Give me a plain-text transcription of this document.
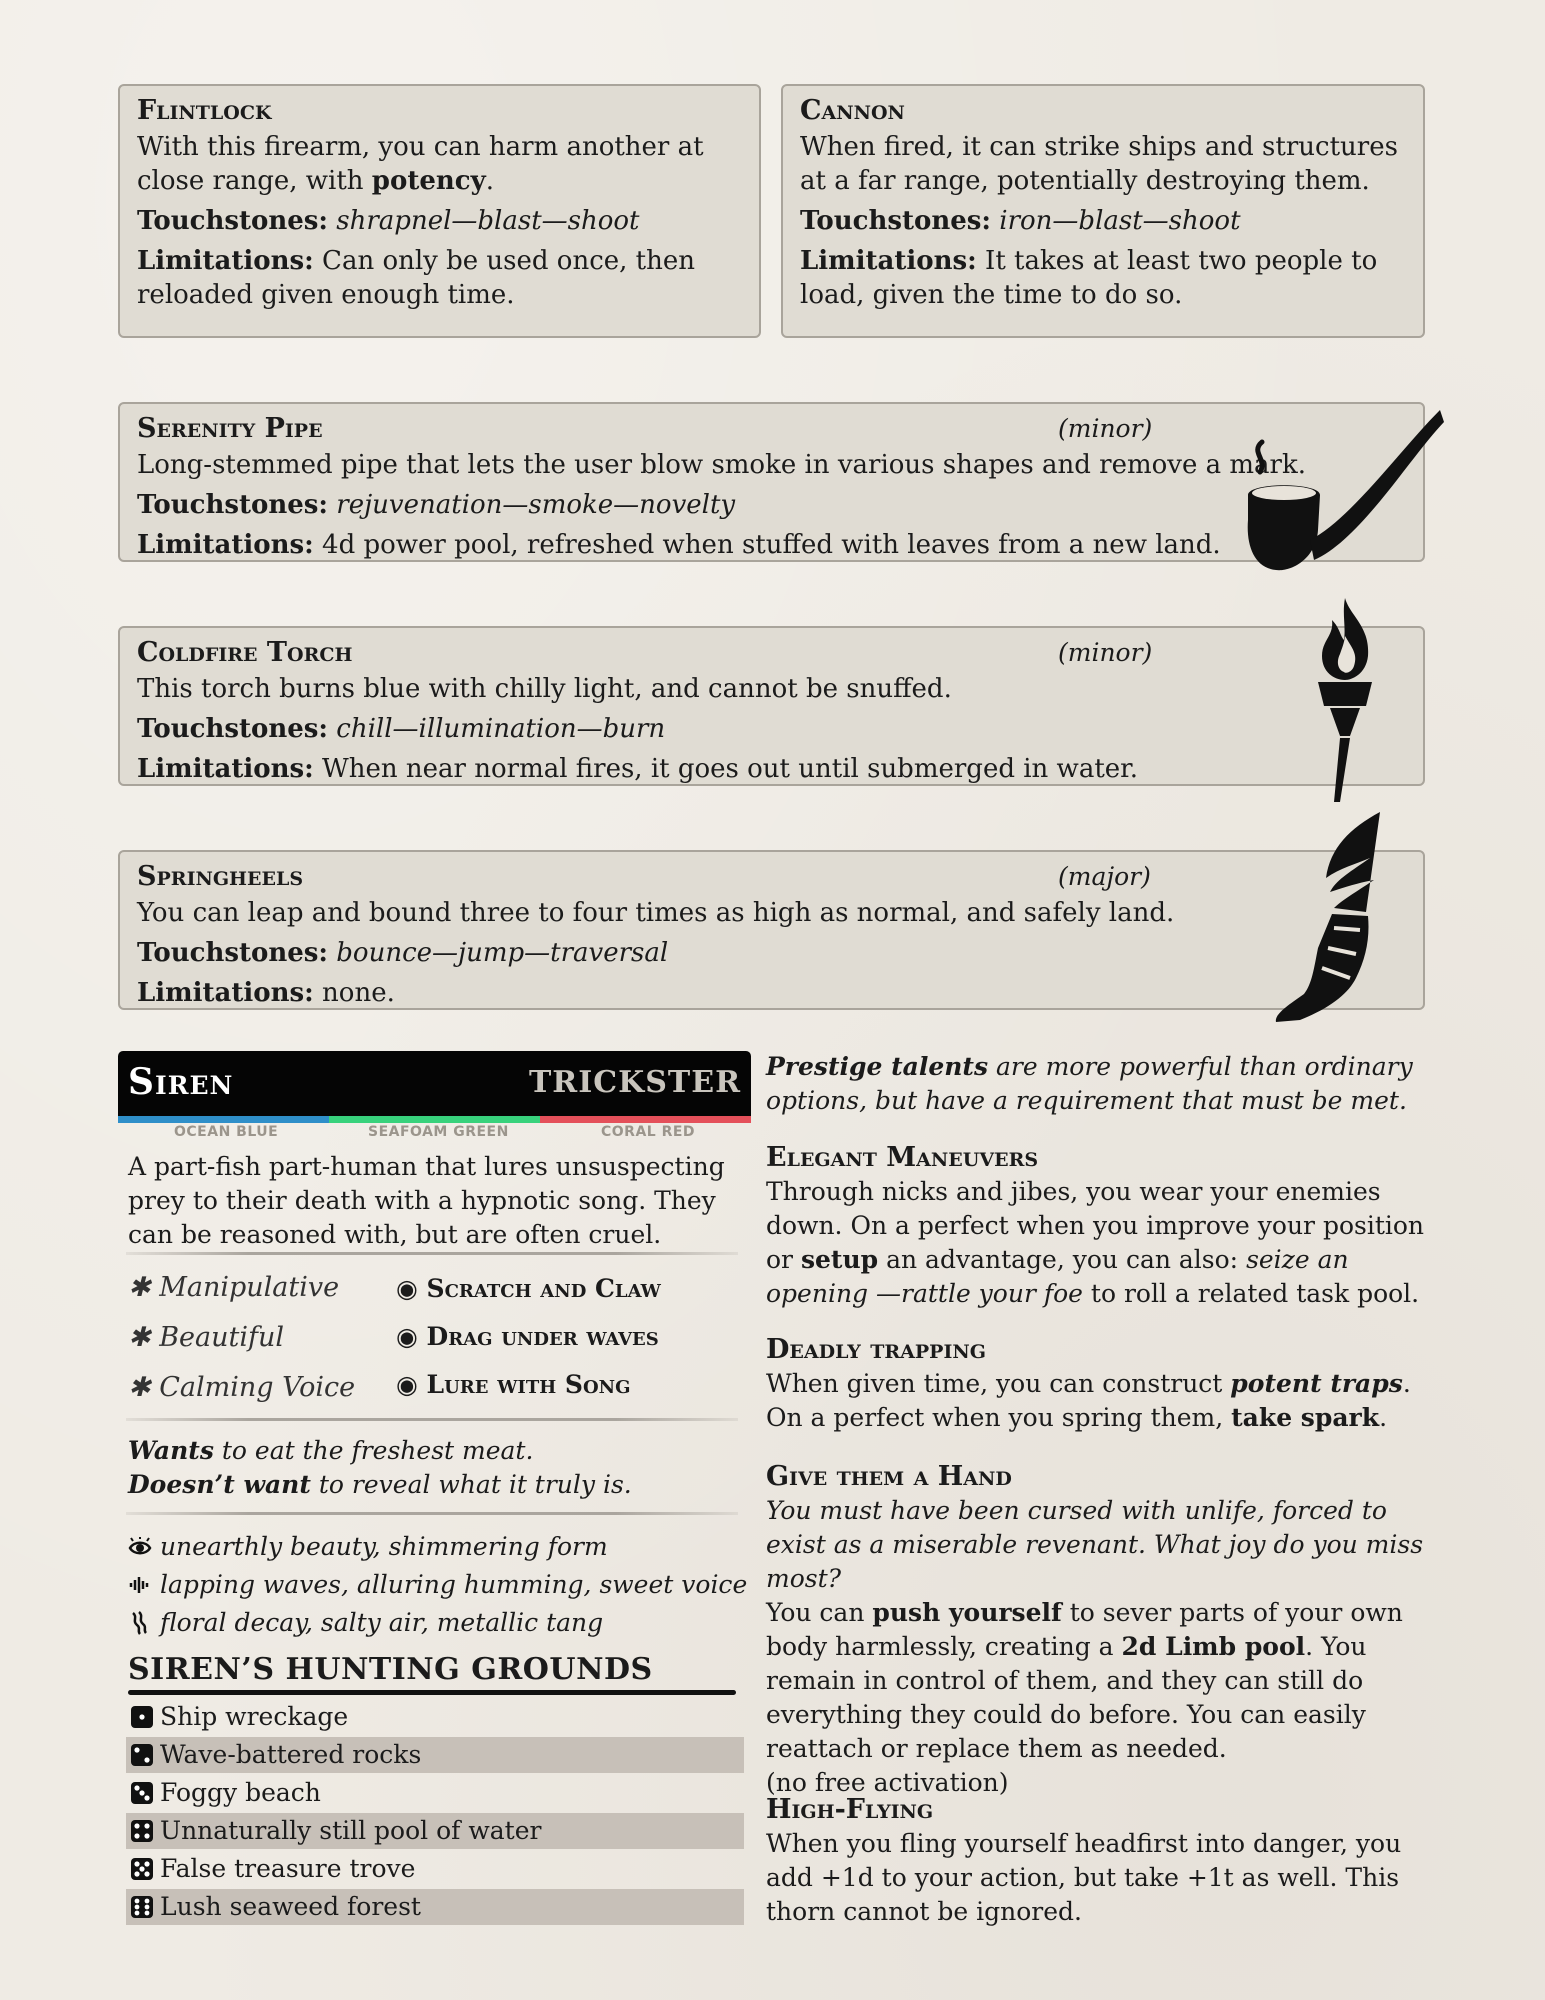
Flintlock

With this firearm, you can harm another at close range, with potency.

Touchstones: shrapnel—blast—shoot

Limitations: Can only be used once, then reloaded given enough time.

Cannon

When fired, it can strike ships and structures at a far range, potentially destroying them.

Touchstones: iron—blast—shoot

Limitations: It takes at least two people to load, given the time to do so.

Serenity Pipe	(minor)

Long-stemmed pipe that lets the user blow smoke in various shapes and remove a mark.

Touchstones: rejuvenation—smoke—novelty

Limitations: 4d power pool, refreshed when stuffed with leaves from a new land.

Coldfire Torch	(minor)

This torch burns blue with chilly light, and cannot be snuffed.

Touchstones: chill—illumination—burn

Limitations: When near normal fires, it goes out until submerged in water.

Springheels	(major)

You can leap and bound three to four times as high as normal, and safely land.

Touchstones: bounce—jump—traversal

Limitations: none.

Siren	TRICKSTER
OCEAN BLUE	SEAFOAM GREEN	CORAL RED
A part-fish part-human that lures unsuspecting prey to their death with a hypnotic song. They can be reasoned with, but are often cruel.
✱ Manipulative
✱ Beautiful
✱ Calming Voice
◉ Scratch and Claw
◉ Drag under waves
◉ Lure with Song
Wants to eat the freshest meat.
Doesn’t want to reveal what it truly is.
unearthly beauty, shimmering form
lapping waves, alluring humming, sweet voice
floral decay, salty air, metallic tang
SIREN’S HUNTING GROUNDS
Ship wreckage
Wave-battered rocks
Foggy beach
Unnaturally still pool of water
False treasure trove
Lush seaweed forest
Prestige talents are more powerful than ordinary options, but have a requirement that must be met.
Elegant Maneuvers
Through nicks and jibes, you wear your enemies down. On a perfect when you improve your position or setup an advantage, you can also: seize an opening —rattle your foe to roll a related task pool.
Deadly trapping
When given time, you can construct potent traps. On a perfect when you spring them, take spark.
Give them a Hand
You must have been cursed with unlife, forced to exist as a miserable revenant. What joy do you miss most?
You can push yourself to sever parts of your own body harmlessly, creating a 2d Limb pool. You remain in control of them, and they can still do everything they could do before. You can easily reattach or replace them as needed.
(no free activation)
High-Flying
When you fling yourself headfirst into danger, you add +1d to your action, but take +1t as well. This thorn cannot be ignored.
